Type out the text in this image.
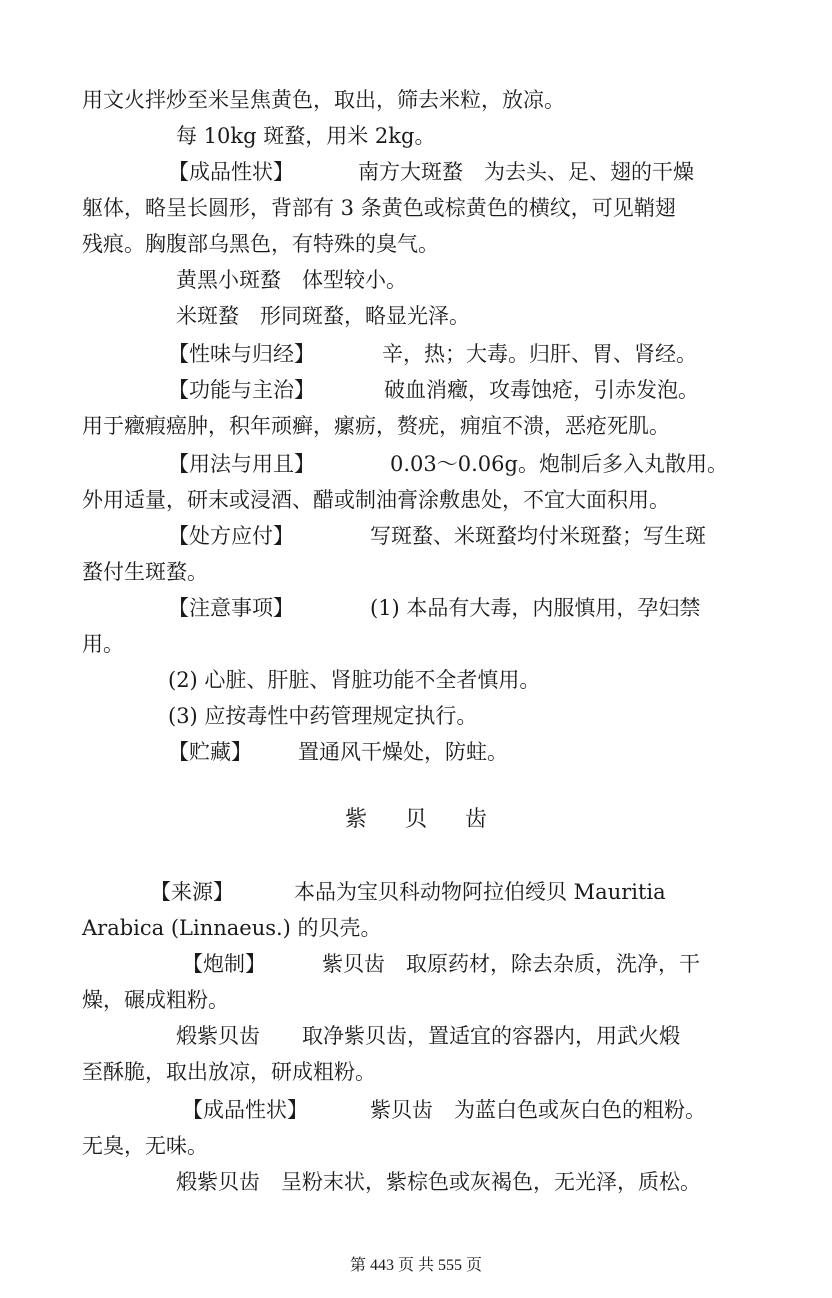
用文火拌炒至米呈焦黄色，取出，筛去米粒，放凉。
每 10kg 斑蝥，用米 2kg。
【成品性状】	南方大斑蝥　为去头、足、翅的干燥
躯体，略呈长圆形，背部有 3 条黄色或棕黄色的横纹，可见鞘翅
残痕。胸腹部乌黑色，有特殊的臭气。
黄黑小斑蝥　体型较小。
米斑蝥　形同斑蝥，略显光泽。
【性味与归经】	辛，热；大毒。归肝、胃、肾经。
【功能与主治】	破血消癥，攻毒蚀疮，引赤发泡。
用于癥瘕癌肿，积年顽癣，瘰疬，赘疣，痈疽不溃，恶疮死肌。
【用法与用且】	0.03～0.06g。炮制后多入丸散用。
外用适量，研末或浸酒、醋或制油膏涂敷患处，不宜大面积用。
【处方应付】	写斑蝥、米斑蝥均付米斑蝥；写生斑
蝥付生斑蝥。
【注意事项】	(1) 本品有大毒，内服慎用，孕妇禁
用。
(2) 心脏、肝脏、肾脏功能不全者慎用。
(3) 应按毒性中药管理规定执行。
【贮藏】 置通风干燥处，防蛀。
紫 贝 齿
【来源】	本品为宝贝科动物阿拉伯绶贝 Mauritia
Arabica (Linnaeus.) 的贝壳。
【炮制】	紫贝齿　取原药材，除去杂质，洗净，干
燥，碾成粗粉。
煅紫贝齿　　取净紫贝齿，置适宜的容器内，用武火煅
至酥脆，取出放凉，研成粗粉。
【成品性状】	紫贝齿　为蓝白色或灰白色的粗粉。
无臭，无味。
煅紫贝齿　呈粉末状，紫棕色或灰褐色，无光泽，质松。
第 443 页 共 555 页
